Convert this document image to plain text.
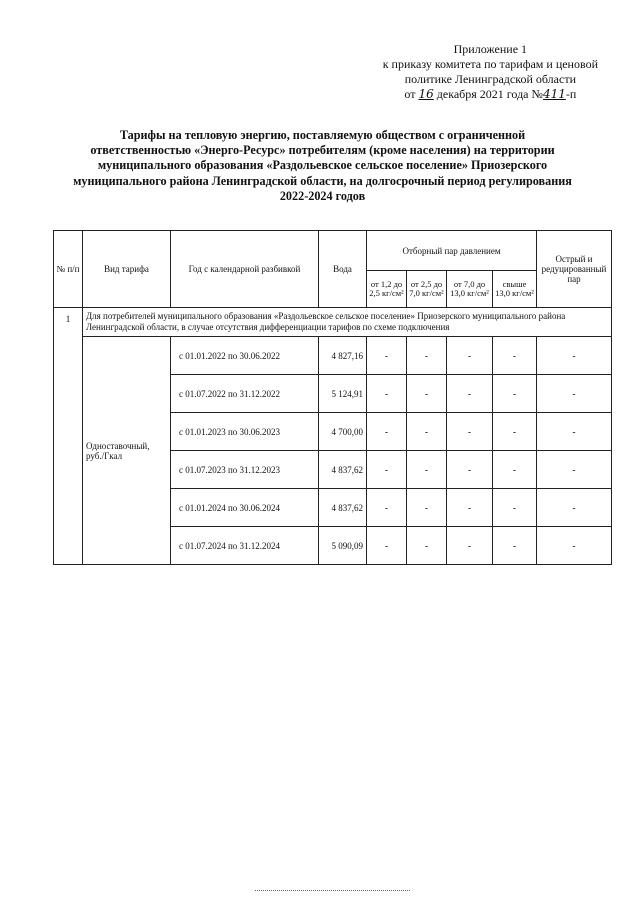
Приложение 1
к приказу комитета по тарифам и ценовой
политике Ленинградской области
от 16 декабря 2021 года №411-п
Тарифы на тепловую энергию, поставляемую обществом с ограниченной
ответственностью «Энерго-Ресурс» потребителям (кроме населения) на территории
муниципального образования «Раздольевское сельское поселение» Приозерского
муниципального района Ленинградской области, на долгосрочный период регулирования
2022-2024 годов
№ п/п	Вид тарифа	Год с календарной разбивкой	Вода	Отборный пар давлением				Острый и редуцированный пар
				от 1,2 до 2,5 кг/см²	от 2,5 до 7,0 кг/см²	от 7,0 до 13,0 кг/см²	свыше 13,0 кг/см²	
1	Для потребителей муниципального образования «Раздольевское сельское поселение» Приозерского муниципального района Ленинградской области, в случае отсутствия дифференциации тарифов по схеме подключения							
	Одноставочный, руб./Гкал	с 01.01.2022 по 30.06.2022	4 827,16	-	-	-	-	-
		с 01.07.2022 по 31.12.2022	5 124,91	-	-	-	-	-
		с 01.01.2023 по 30.06.2023	4 700,00	-	-	-	-	-
		с 01.07.2023 по 31.12.2023	4 837,62	-	-	-	-	-
		с 01.01.2024 по 30.06.2024	4 837,62	-	-	-	-	-
		с 01.07.2024 по 31.12.2024	5 090,09	-	-	-	-	-
